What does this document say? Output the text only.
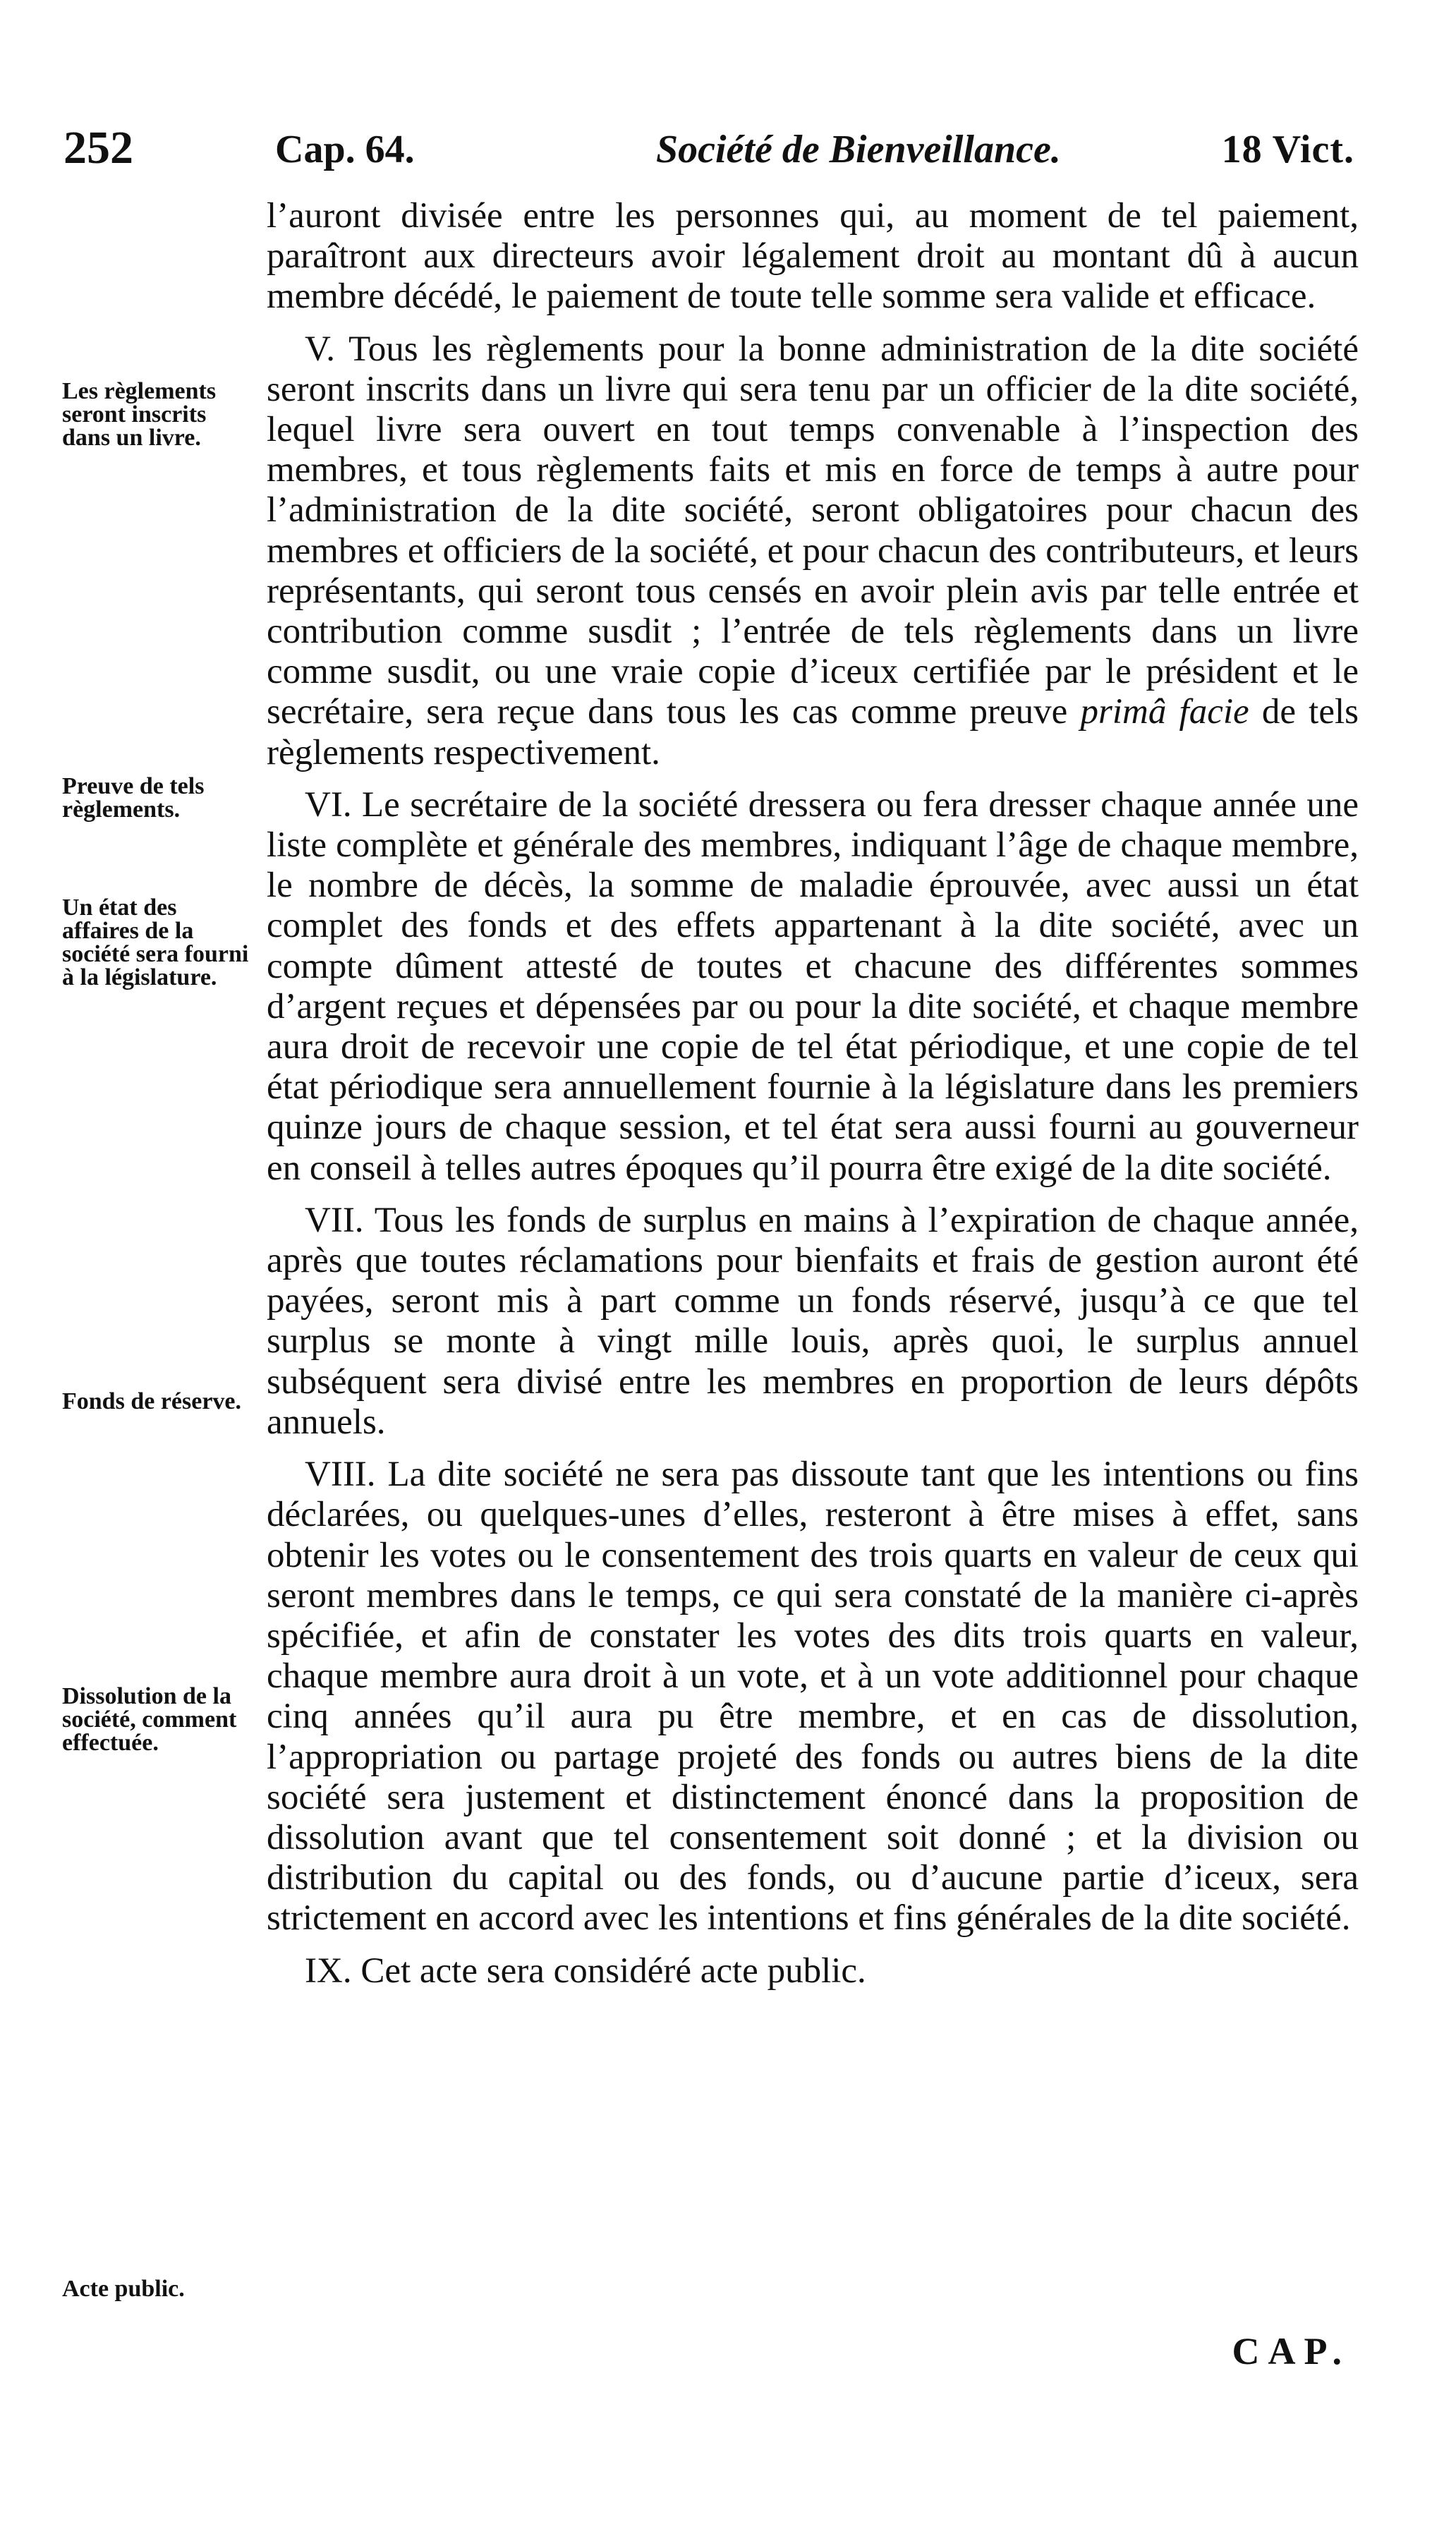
252	Cap. 64.	Société de Bienveillance.	18 Vict.
Les règlements seront inscrits dans un livre.
Preuve de tels règlements.
Un état des affaires de la société sera fourni à la législature.
Fonds de réserve.
Dissolution de la société, comment effectuée.
Acte public.

l’auront divisée entre les personnes qui, au moment de tel paiement, paraîtront aux directeurs avoir légalement droit au montant dû à aucun membre décédé, le paiement de toute telle somme sera valide et efficace.

V. Tous les règlements pour la bonne administration de la dite société seront inscrits dans un livre qui sera tenu par un officier de la dite société, lequel livre sera ouvert en tout temps convenable à l’inspection des membres, et tous règlements faits et mis en force de temps à autre pour l’administration de la dite société, seront obligatoires pour chacun des membres et officiers de la société, et pour chacun des contributeurs, et leurs représentants, qui seront tous censés en avoir plein avis par telle entrée et contribution comme susdit ; l’entrée de tels règlements dans un livre comme susdit, ou une vraie copie d’iceux certifiée par le président et le secrétaire, sera reçue dans tous les cas comme preuve primâ facie de tels règlements respectivement.

VI. Le secrétaire de la société dressera ou fera dresser chaque année une liste complète et générale des membres, indiquant l’âge de chaque membre, le nombre de décès, la somme de maladie éprouvée, avec aussi un état complet des fonds et des effets appartenant à la dite société, avec un compte dûment attesté de toutes et chacune des différentes sommes d’argent reçues et dépensées par ou pour la dite société, et chaque membre aura droit de recevoir une copie de tel état périodique, et une copie de tel état périodique sera annuellement fournie à la législature dans les premiers quinze jours de chaque session, et tel état sera aussi fourni au gouverneur en conseil à telles autres époques qu’il pourra être exigé de la dite société.

VII. Tous les fonds de surplus en mains à l’expiration de chaque année, après que toutes réclamations pour bienfaits et frais de gestion auront été payées, seront mis à part comme un fonds réservé, jusqu’à ce que tel surplus se monte à vingt mille louis, après quoi, le surplus annuel subséquent sera divisé entre les membres en proportion de leurs dépôts annuels.

VIII. La dite société ne sera pas dissoute tant que les intentions ou fins déclarées, ou quelques-unes d’elles, resteront à être mises à effet, sans obtenir les votes ou le consentement des trois quarts en valeur de ceux qui seront membres dans le temps, ce qui sera constaté de la manière ci-après spécifiée, et afin de constater les votes des dits trois quarts en valeur, chaque membre aura droit à un vote, et à un vote additionnel pour chaque cinq années qu’il aura pu être membre, et en cas de dissolution, l’appropriation ou partage projeté des fonds ou autres biens de la dite société sera justement et distinctement énoncé dans la proposition de dissolution avant que tel consentement soit donné ; et la division ou distribution du capital ou des fonds, ou d’aucune partie d’iceux, sera strictement en accord avec les intentions et fins générales de la dite société.

IX. Cet acte sera considéré acte public.

CAP.
